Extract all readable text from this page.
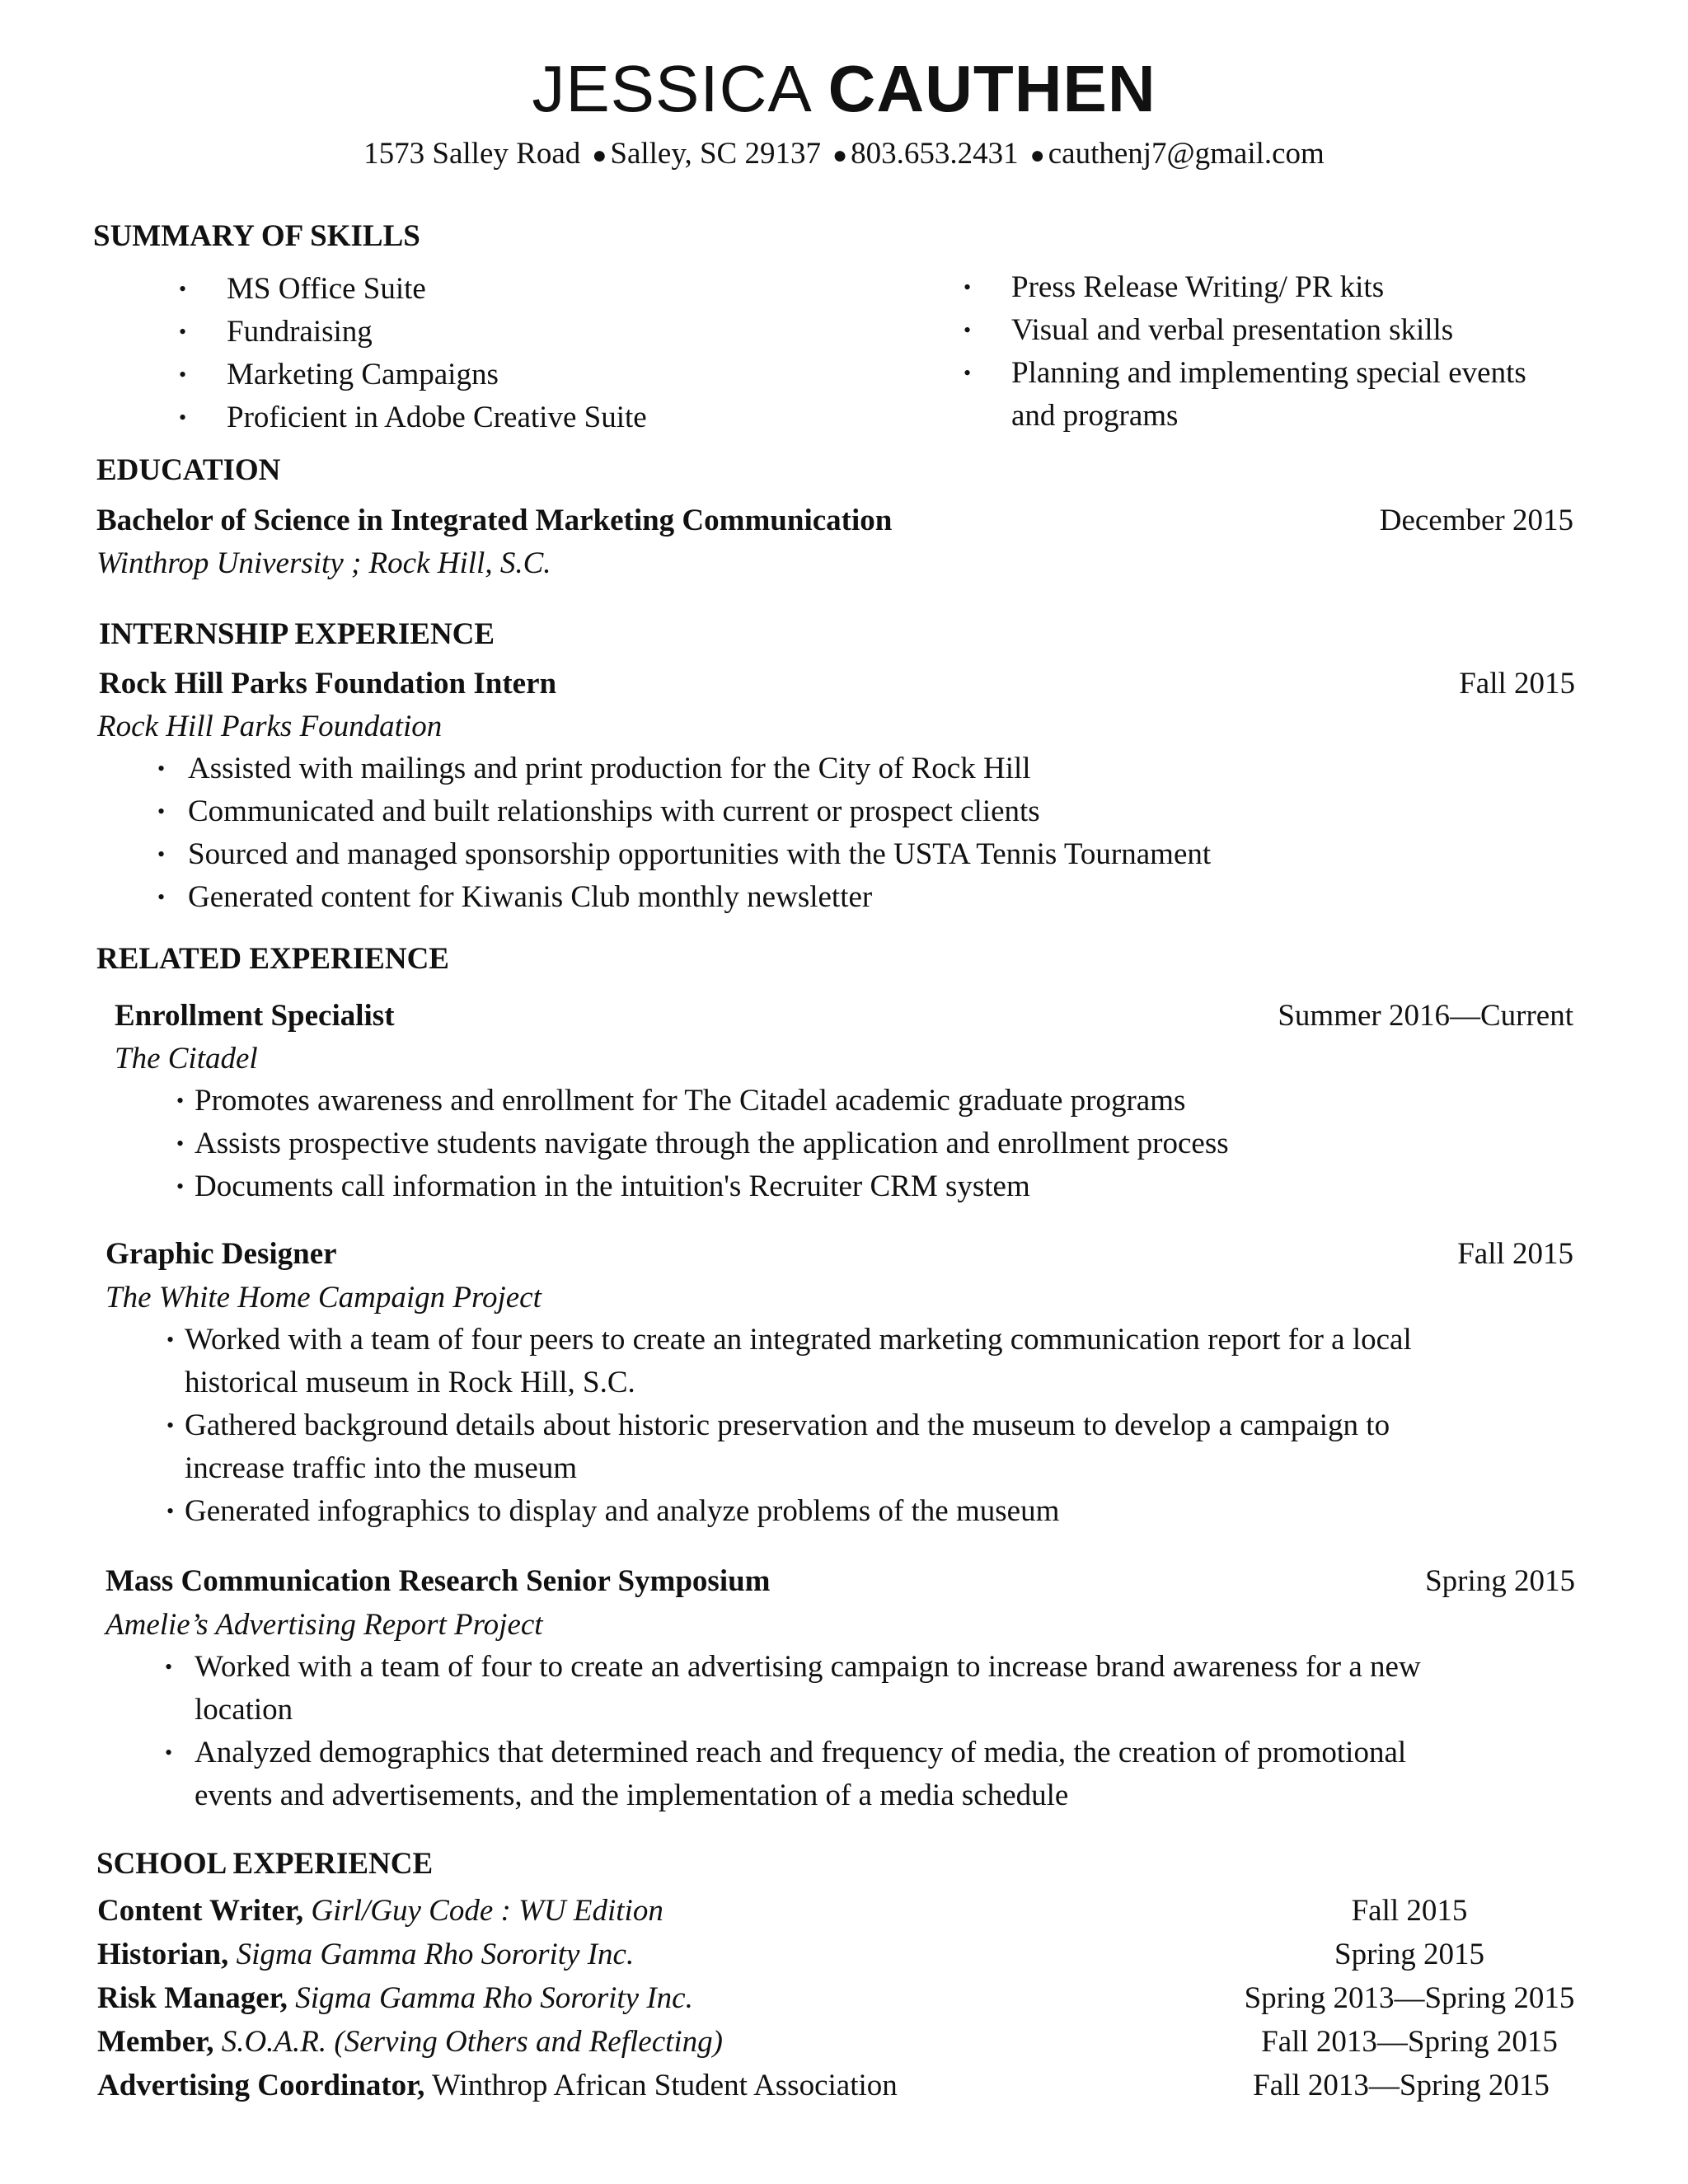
JESSICA CAUTHEN
1573 Salley Road ● Salley, SC 29137 ● 803.653.2431 ● cauthenj7@gmail.com
SUMMARY OF SKILLS
• MS Office Suite
• Fundraising
• Marketing Campaigns
• Proficient in Adobe Creative Suite
• Press Release Writing/ PR kits
• Visual and verbal presentation skills
• Planning and implementing special events
and programs
EDUCATION
Bachelor of Science in Integrated Marketing Communication	December 2015
Winthrop University ; Rock Hill, S.C.
INTERNSHIP EXPERIENCE
Rock Hill Parks Foundation Intern	Fall 2015
Rock Hill Parks Foundation
• Assisted with mailings and print production for the City of Rock Hill
• Communicated and built relationships with current or prospect clients
• Sourced and managed sponsorship opportunities with the USTA Tennis Tournament
• Generated content for Kiwanis Club monthly newsletter
RELATED EXPERIENCE
Enrollment Specialist	Summer 2016—Current
The Citadel
• Promotes awareness and enrollment for The Citadel academic graduate programs
• Assists prospective students navigate through the application and enrollment process
• Documents call information in the intuition's Recruiter CRM system
Graphic Designer	Fall 2015
The White Home Campaign Project
• Worked with a team of four peers to create an integrated marketing communication report for a local
historical museum in Rock Hill, S.C.
• Gathered background details about historic preservation and the museum to develop a campaign to
increase traffic into the museum
• Generated infographics to display and analyze problems of the museum
Mass Communication Research Senior Symposium	Spring 2015
Amelie’s Advertising Report Project
• Worked with a team of four to create an advertising campaign to increase brand awareness for a new
location
• Analyzed demographics that determined reach and frequency of media, the creation of promotional
events and advertisements, and the implementation of a media schedule
SCHOOL EXPERIENCE
Content Writer, Girl/Guy Code : WU Edition	Fall 2015
Historian, Sigma Gamma Rho Sorority Inc.	Spring 2015
Risk Manager, Sigma Gamma Rho Sorority Inc.	Spring 2013—Spring 2015
Member, S.O.A.R. (Serving Others and Reflecting)	Fall 2013—Spring 2015
Advertising Coordinator, Winthrop African Student Association	Fall 2013—Spring 2015
